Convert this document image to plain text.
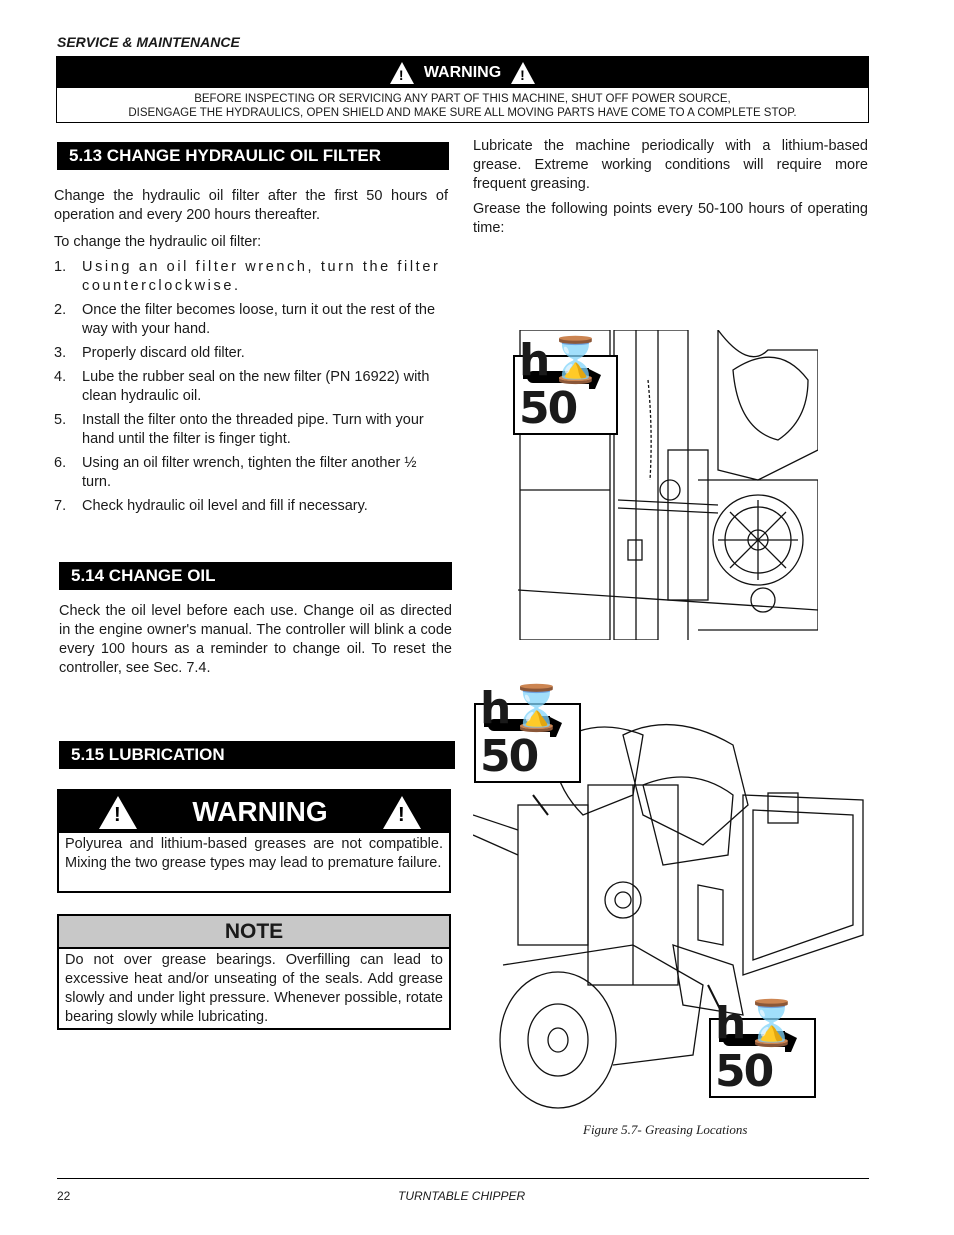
SERVICE & MAINTENANCE
! WARNING !
BEFORE INSPECTING OR SERVICING ANY PART OF THIS MACHINE, SHUT OFF POWER SOURCE,
DISENGAGE THE HYDRAULICS, OPEN SHIELD AND MAKE SURE ALL MOVING PARTS HAVE COME TO A COMPLETE STOP.
5.13 CHANGE HYDRAULIC OIL FILTER
Change the hydraulic oil filter after the first 50 hours of operation and every 200 hours thereafter.
To change the hydraulic oil filter:
1. Using an oil filter wrench, turn the filter counterclockwise.
2. Once the filter becomes loose, turn it out the rest of the way with your hand.
3. Properly discard old filter.
4. Lube the rubber seal on the new filter (PN 16922) with clean hydraulic oil.
5. Install the filter onto the threaded pipe. Turn with your hand until the filter is finger tight.
6. Using an oil filter wrench, tighten the filter another ½ turn.
7. Check hydraulic oil level and fill if necessary.
5.14 CHANGE OIL
Check the oil level before each use. Change oil as directed in the engine owner's manual. The controller will blink a code every 100 hours as a reminder to change oil. To reset the controller, see Sec. 7.4.
5.15 LUBRICATION
!	WARNING	!
Polyurea and lithium-based greases are not compatible. Mixing the two grease types may lead to premature failure.
NOTE
Do not over grease bearings. Overfilling can lead to excessive heat and/or unseating of the seals. Add grease slowly and under light pressure. Whenever possible, rotate bearing slowly while lubricating.
Lubricate the machine periodically with a lithium-based grease. Extreme working conditions will require more frequent greasing.
Grease the following points every 50-100 hours of operating time:
h⌛50
h⌛50
h⌛50
Figure 5.7- Greasing Locations
22	TURNTABLE CHIPPER
